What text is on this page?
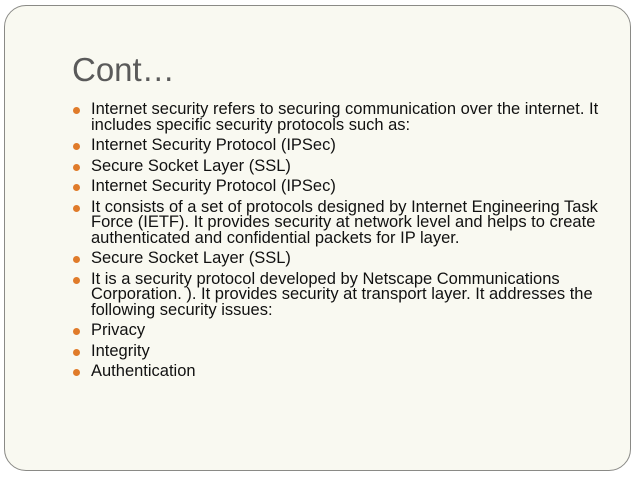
Cont…
Internet security refers to securing communication over the internet. It includes specific security protocols such as:
Internet Security Protocol (IPSec)
Secure Socket Layer (SSL)
Internet Security Protocol (IPSec)
It consists of a set of protocols designed by Internet Engineering Task Force (IETF). It provides security at network level and helps to create authenticated and confidential packets for IP layer.
Secure Socket Layer (SSL)
It is a security protocol developed by Netscape Communications Corporation. ). It provides security at transport layer. It addresses the following security issues:
Privacy
Integrity
Authentication
